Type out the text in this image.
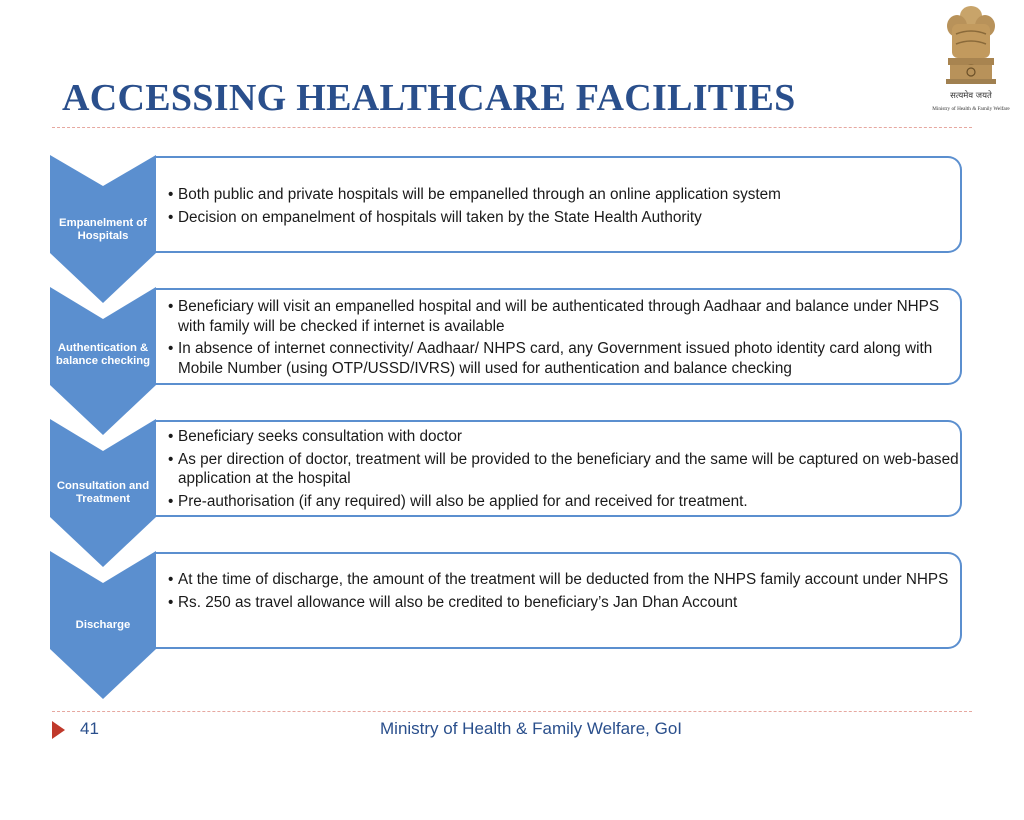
ACCESSING HEALTHCARE FACILITIES	सत्यमेव जयते
Ministry of Health & Family Welfare
Empanelment of Hospitals
Authentication & balance checking
Consultation and Treatment
Discharge
• Both public and private hospitals will be empanelled through an online application system
• Decision on empanelment of hospitals will taken by the State Health Authority
• Beneficiary will visit an empanelled hospital and will be authenticated through Aadhaar and balance under NHPS with family will be checked if internet is available
• In absence of internet connectivity/ Aadhaar/ NHPS card, any Government issued photo identity card along with Mobile Number (using OTP/USSD/IVRS) will used for authentication and balance checking
• Beneficiary seeks consultation with doctor
• As per direction of doctor, treatment will be provided to the beneficiary and the same will be captured on web-based application at the hospital
• Pre-authorisation (if any required) will also be applied for and received for treatment.
• At the time of discharge, the amount of the treatment will be deducted from the NHPS family account under NHPS
• Rs. 250 as travel allowance will also be credited to beneficiary’s Jan Dhan Account
41	Ministry of Health & Family Welfare, GoI
